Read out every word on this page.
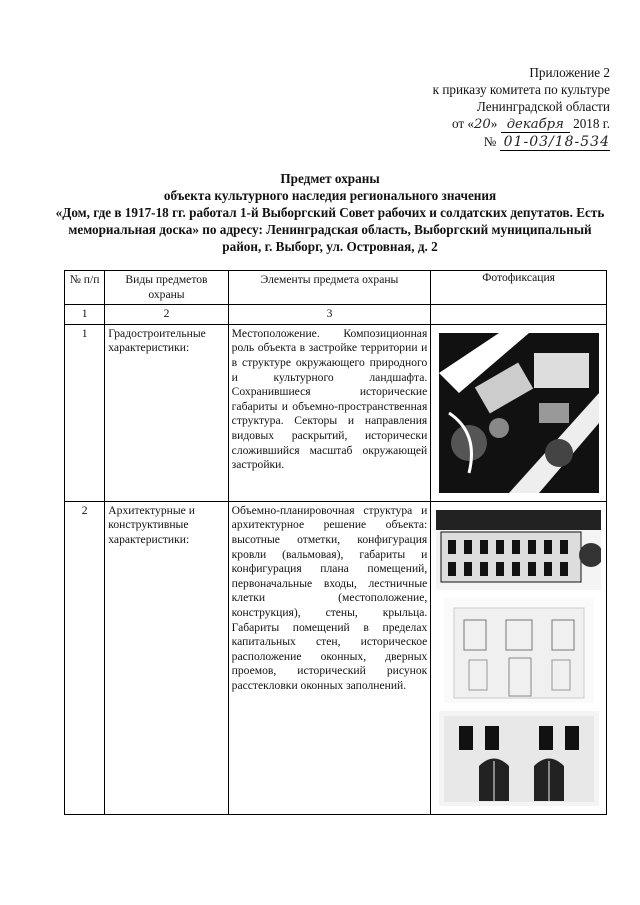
Приложение 2
к приказу комитета по культуре
Ленинградской области
от «20» декабря 2018 г.
№ 01-03/18-534
Предмет охраны
объекта культурного наследия регионального значения
«Дом, где в 1917-18 гг. работал 1-й Выборгский Совет рабочих и солдатских депутатов. Есть мемориальная доска» по адресу: Ленинградская область, Выборгский муниципальный район, г. Выборг, ул. Островная, д. 2
№ п/п	Виды предметов охраны	Элементы предмета охраны	Фотофиксация
1	2	3	
1	Градостроительные характеристики:	Местоположение. Композиционная роль объекта в застройке территории и в структуре окружающего природного и культурного ландшафта. Сохранившиеся исторические габариты и объемно-пространственная структура. Секторы и направления видовых раскрытий, исторически сложившийся масштаб окружающей застройки.	

2	Архитектурные и конструктивные характеристики:	Объемно-планировочная структура и архитектурное решение объекта: высотные отметки, конфигурация кровли (вальмовая), габариты и конфигурация плана помещений, первоначальные входы, лестничные клетки (местоположение, конструкция), стены, крыльца. Габариты помещений в пределах капитальных стен, историческое расположение оконных, дверных проемов, исторический рисунок расстекловки оконных заполнений.	
